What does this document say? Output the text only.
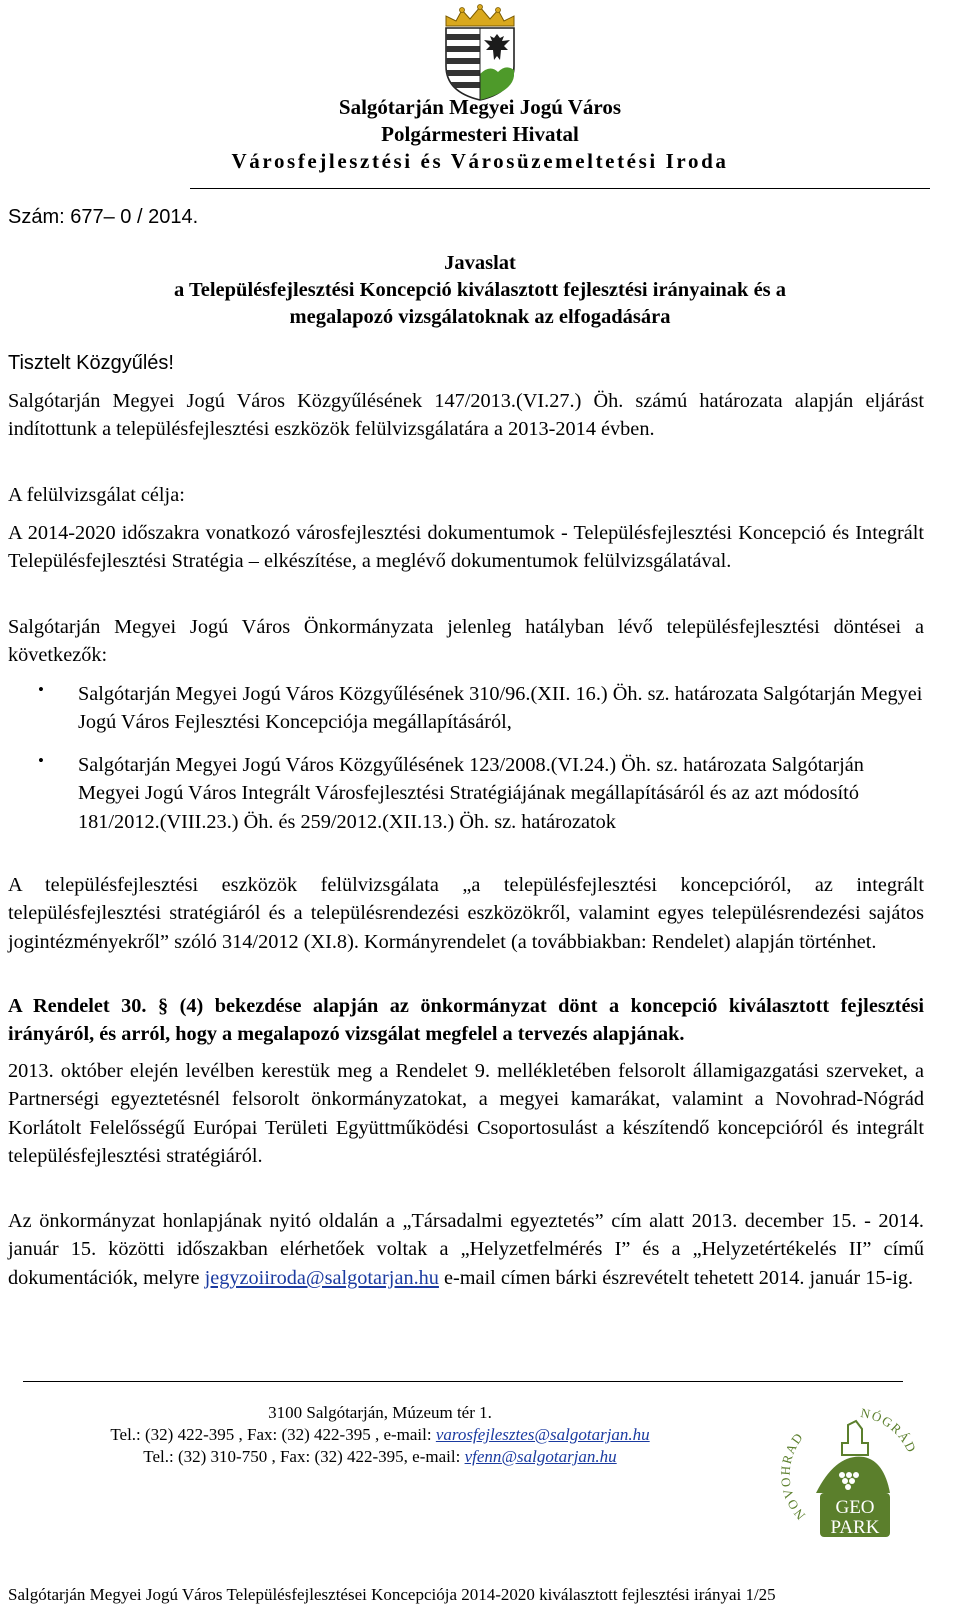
Salgótarján Megyei Jogú Város
Polgármesteri Hivatal
Városfejlesztési és Városüzemeltetési Iroda
Szám: 677– 0 / 2014.
Javaslat
a Településfejlesztési Koncepció kiválasztott fejlesztési irányainak és a
megalapozó vizsgálatoknak az elfogadására
Tisztelt Közgyűlés!
Salgótarján Megyei Jogú Város Közgyűlésének 147/2013.(VI.27.) Öh. számú határozata alapján eljárást indítottunk a településfejlesztési eszközök felülvizsgálatára a 2013-2014 évben.
A felülvizsgálat célja:
A 2014-2020 időszakra vonatkozó városfejlesztési dokumentumok - Településfejlesztési Koncepció és Integrált Településfejlesztési Stratégia – elkészítése, a meglévő dokumentumok felülvizsgálatával.
Salgótarján Megyei Jogú Város Önkormányzata jelenleg hatályban lévő településfejlesztési döntései a következők:
• Salgótarján Megyei Jogú Város Közgyűlésének 310/96.(XII. 16.) Öh. sz. határozata Salgótarján Megyei Jogú Város Fejlesztési Koncepciója megállapításáról,
• Salgótarján Megyei Jogú Város Közgyűlésének 123/2008.(VI.24.) Öh. sz. határozata Salgótarján Megyei Jogú Város Integrált Városfejlesztési Stratégiájának megállapításáról és az azt módosító 181/2012.(VIII.23.) Öh. és 259/2012.(XII.13.) Öh. sz. határozatok
A településfejlesztési eszközök felülvizsgálata „a településfejlesztési koncepcióról, az integrált településfejlesztési stratégiáról és a településrendezési eszközökről, valamint egyes településrendezési sajátos jogintézményekről” szóló 314/2012 (XI.8). Kormányrendelet (a továbbiakban: Rendelet) alapján történhet.
A Rendelet 30. § (4) bekezdése alapján az önkormányzat dönt a koncepció kiválasztott fejlesztési irányáról, és arról, hogy a megalapozó vizsgálat megfelel a tervezés alapjának.
2013. október elején levélben kerestük meg a Rendelet 9. mellékletében felsorolt államigazgatási szerveket, a Partnerségi egyeztetésnél felsorolt önkormányzatokat, a megyei kamarákat, valamint a Novohrad-Nógrád Korlátolt Felelősségű Európai Területi Együttműködési Csoportosulást a készítendő koncepcióról és integrált településfejlesztési stratégiáról.
Az önkormányzat honlapjának nyitó oldalán a „Társadalmi egyeztetés” cím alatt 2013. december 15. - 2014. január 15. közötti időszakban elérhetőek voltak a „Helyzetfelmérés I” és a „Helyzetértékelés II” című dokumentációk, melyre jegyzoiiroda@salgotarjan.hu e-mail címen bárki észrevételt tehetett 2014. január 15-ig.
3100 Salgótarján, Múzeum tér 1.
Tel.: (32) 422-395 , Fax: (32) 422-395 , e-mail: varosfejlesztes@salgotarjan.hu
Tel.: (32) 310-750 , Fax: (32) 422-395, e-mail: vfenn@salgotarjan.hu
NOVOHRAD
NÓGRÁD
GEO
PARK
Salgótarján Megyei Jogú Város Településfejlesztései Koncepciója 2014-2020 kiválasztott fejlesztési irányai 1/25
